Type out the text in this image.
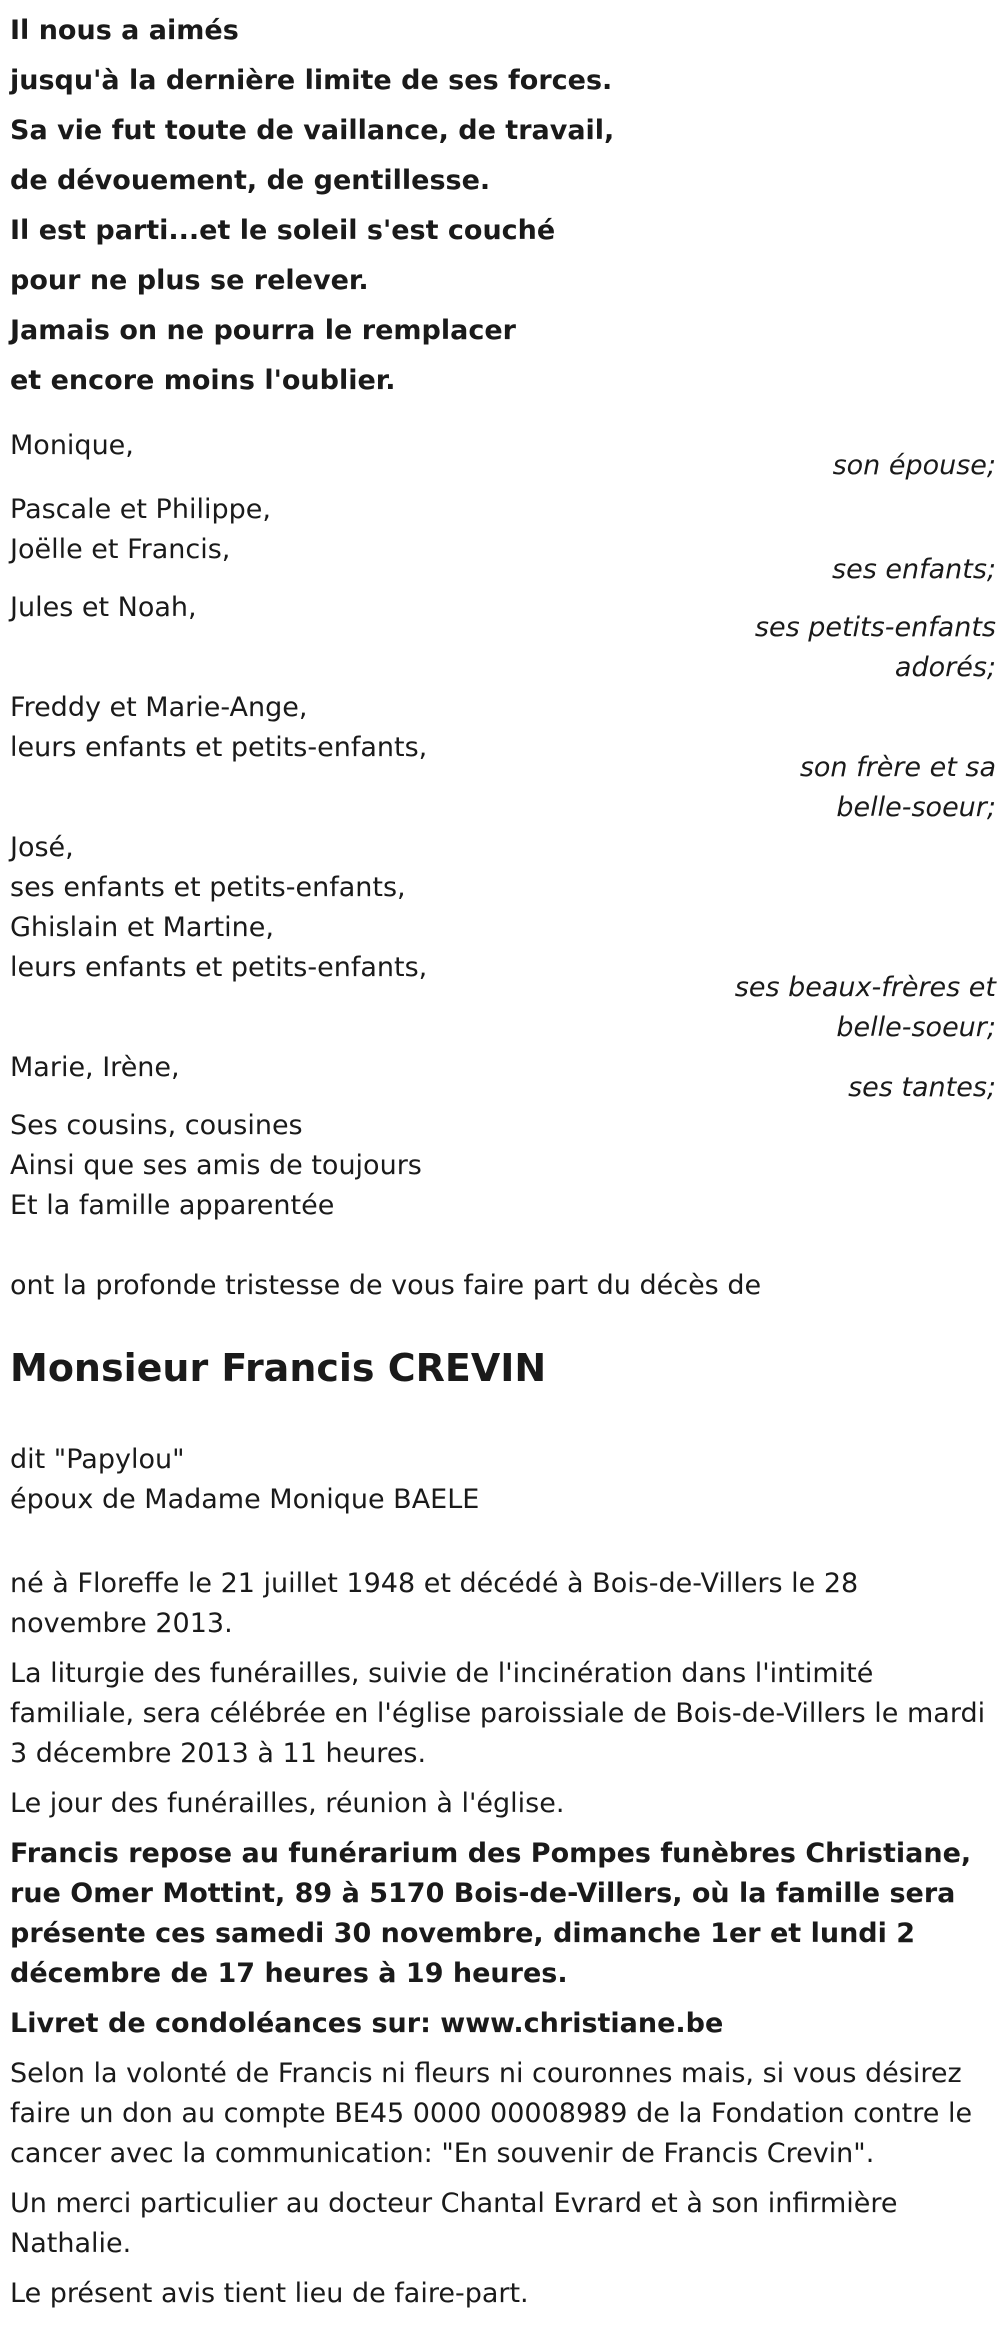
Il nous a aimés

jusqu'à la dernière limite de ses forces.

Sa vie fut toute de vaillance, de travail,

de dévouement, de gentillesse.

Il est parti...et le soleil s'est couché

pour ne plus se relever.

Jamais on ne pourra le remplacer

et encore moins l'oublier.

Monique,
son épouse;
Pascale et Philippe,
Joëlle et Francis,
ses enfants;
Jules et Noah,
ses petits-enfants
adorés;
Freddy et Marie-Ange,
leurs enfants et petits-enfants,
son frère et sa
belle-soeur;
José,
ses enfants et petits-enfants,
Ghislain et Martine,
leurs enfants et petits-enfants,
ses beaux-frères et
belle-soeur;
Marie, Irène,
ses tantes;
Ses cousins, cousines
Ainsi que ses amis de toujours
Et la famille apparentée

ont la profonde tristesse de vous faire part du décès de

Monsieur Francis CREVIN

dit "Papylou"

époux de Madame Monique BAELE

né à Floreffe le 21 juillet 1948 et décédé à Bois-de-Villers le 28 novembre 2013.

La liturgie des funérailles, suivie de l'incinération dans l'intimité familiale, sera célébrée en l'église paroissiale de Bois-de-Villers le mardi 3 décembre 2013 à 11 heures.

Le jour des funérailles, réunion à l'église.

Francis repose au funérarium des Pompes funèbres Christiane, rue Omer Mottint, 89 à 5170 Bois-de-Villers, où la famille sera présente ces samedi 30 novembre, dimanche 1er et lundi 2 décembre de 17 heures à 19 heures.

Livret de condoléances sur: www.christiane.be

Selon la volonté de Francis ni fleurs ni couronnes mais, si vous désirez faire un don au compte BE45 0000 00008989 de la Fondation contre le cancer avec la communication: "En souvenir de Francis Crevin".

Un merci particulier au docteur Chantal Evrard et à son infirmière Nathalie.

Le présent avis tient lieu de faire-part.
